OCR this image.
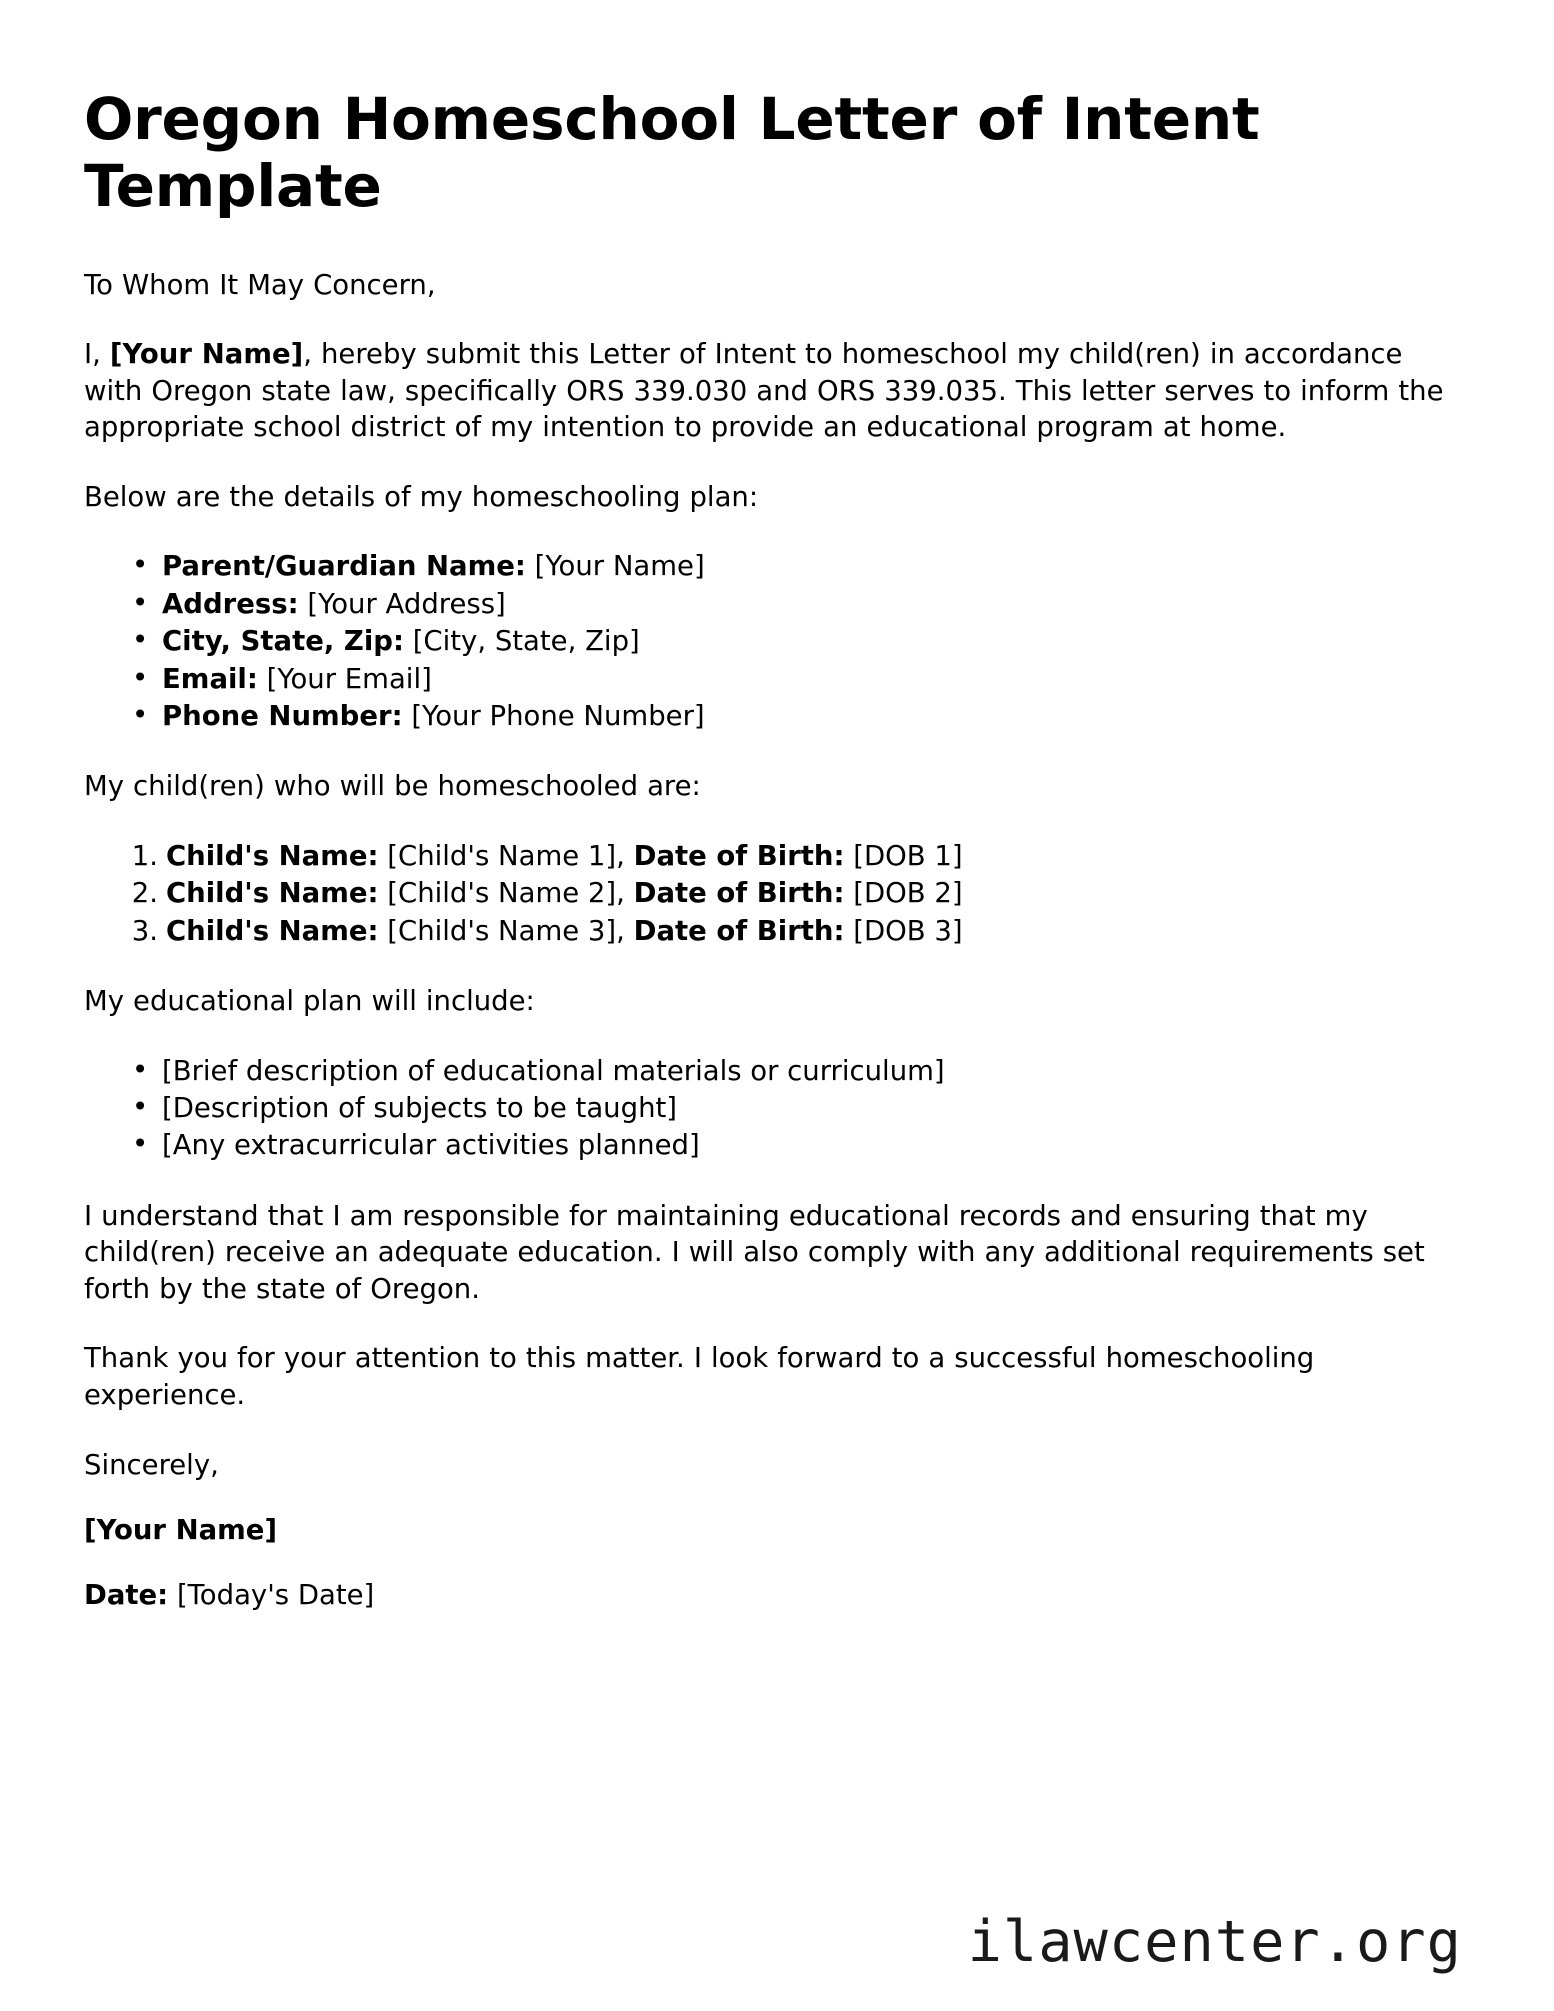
Oregon Homeschool Letter of Intent Template

To Whom It May Concern,

I, [Your Name], hereby submit this Letter of Intent to homeschool my child(ren) in accordance with Oregon state law, specifically ORS 339.030 and ORS 339.035. This letter serves to inform the appropriate school district of my intention to provide an educational program at home.

Below are the details of my homeschooling plan:

• Parent/Guardian Name: [Your Name]
• Address: [Your Address]
• City, State, Zip: [City, State, Zip]
• Email: [Your Email]
• Phone Number: [Your Phone Number]

My child(ren) who will be homeschooled are:

Child's Name: [Child's Name 1], Date of Birth: [DOB 1]
Child's Name: [Child's Name 2], Date of Birth: [DOB 2]
Child's Name: [Child's Name 3], Date of Birth: [DOB 3]

My educational plan will include:

• [Brief description of educational materials or curriculum]
• [Description of subjects to be taught]
• [Any extracurricular activities planned]

I understand that I am responsible for maintaining educational records and ensuring that my child(ren) receive an adequate education. I will also comply with any additional requirements set forth by the state of Oregon.

Thank you for your attention to this matter. I look forward to a successful homeschooling experience.

Sincerely,

[Your Name]

Date: [Today's Date]

ilawcenter.org
